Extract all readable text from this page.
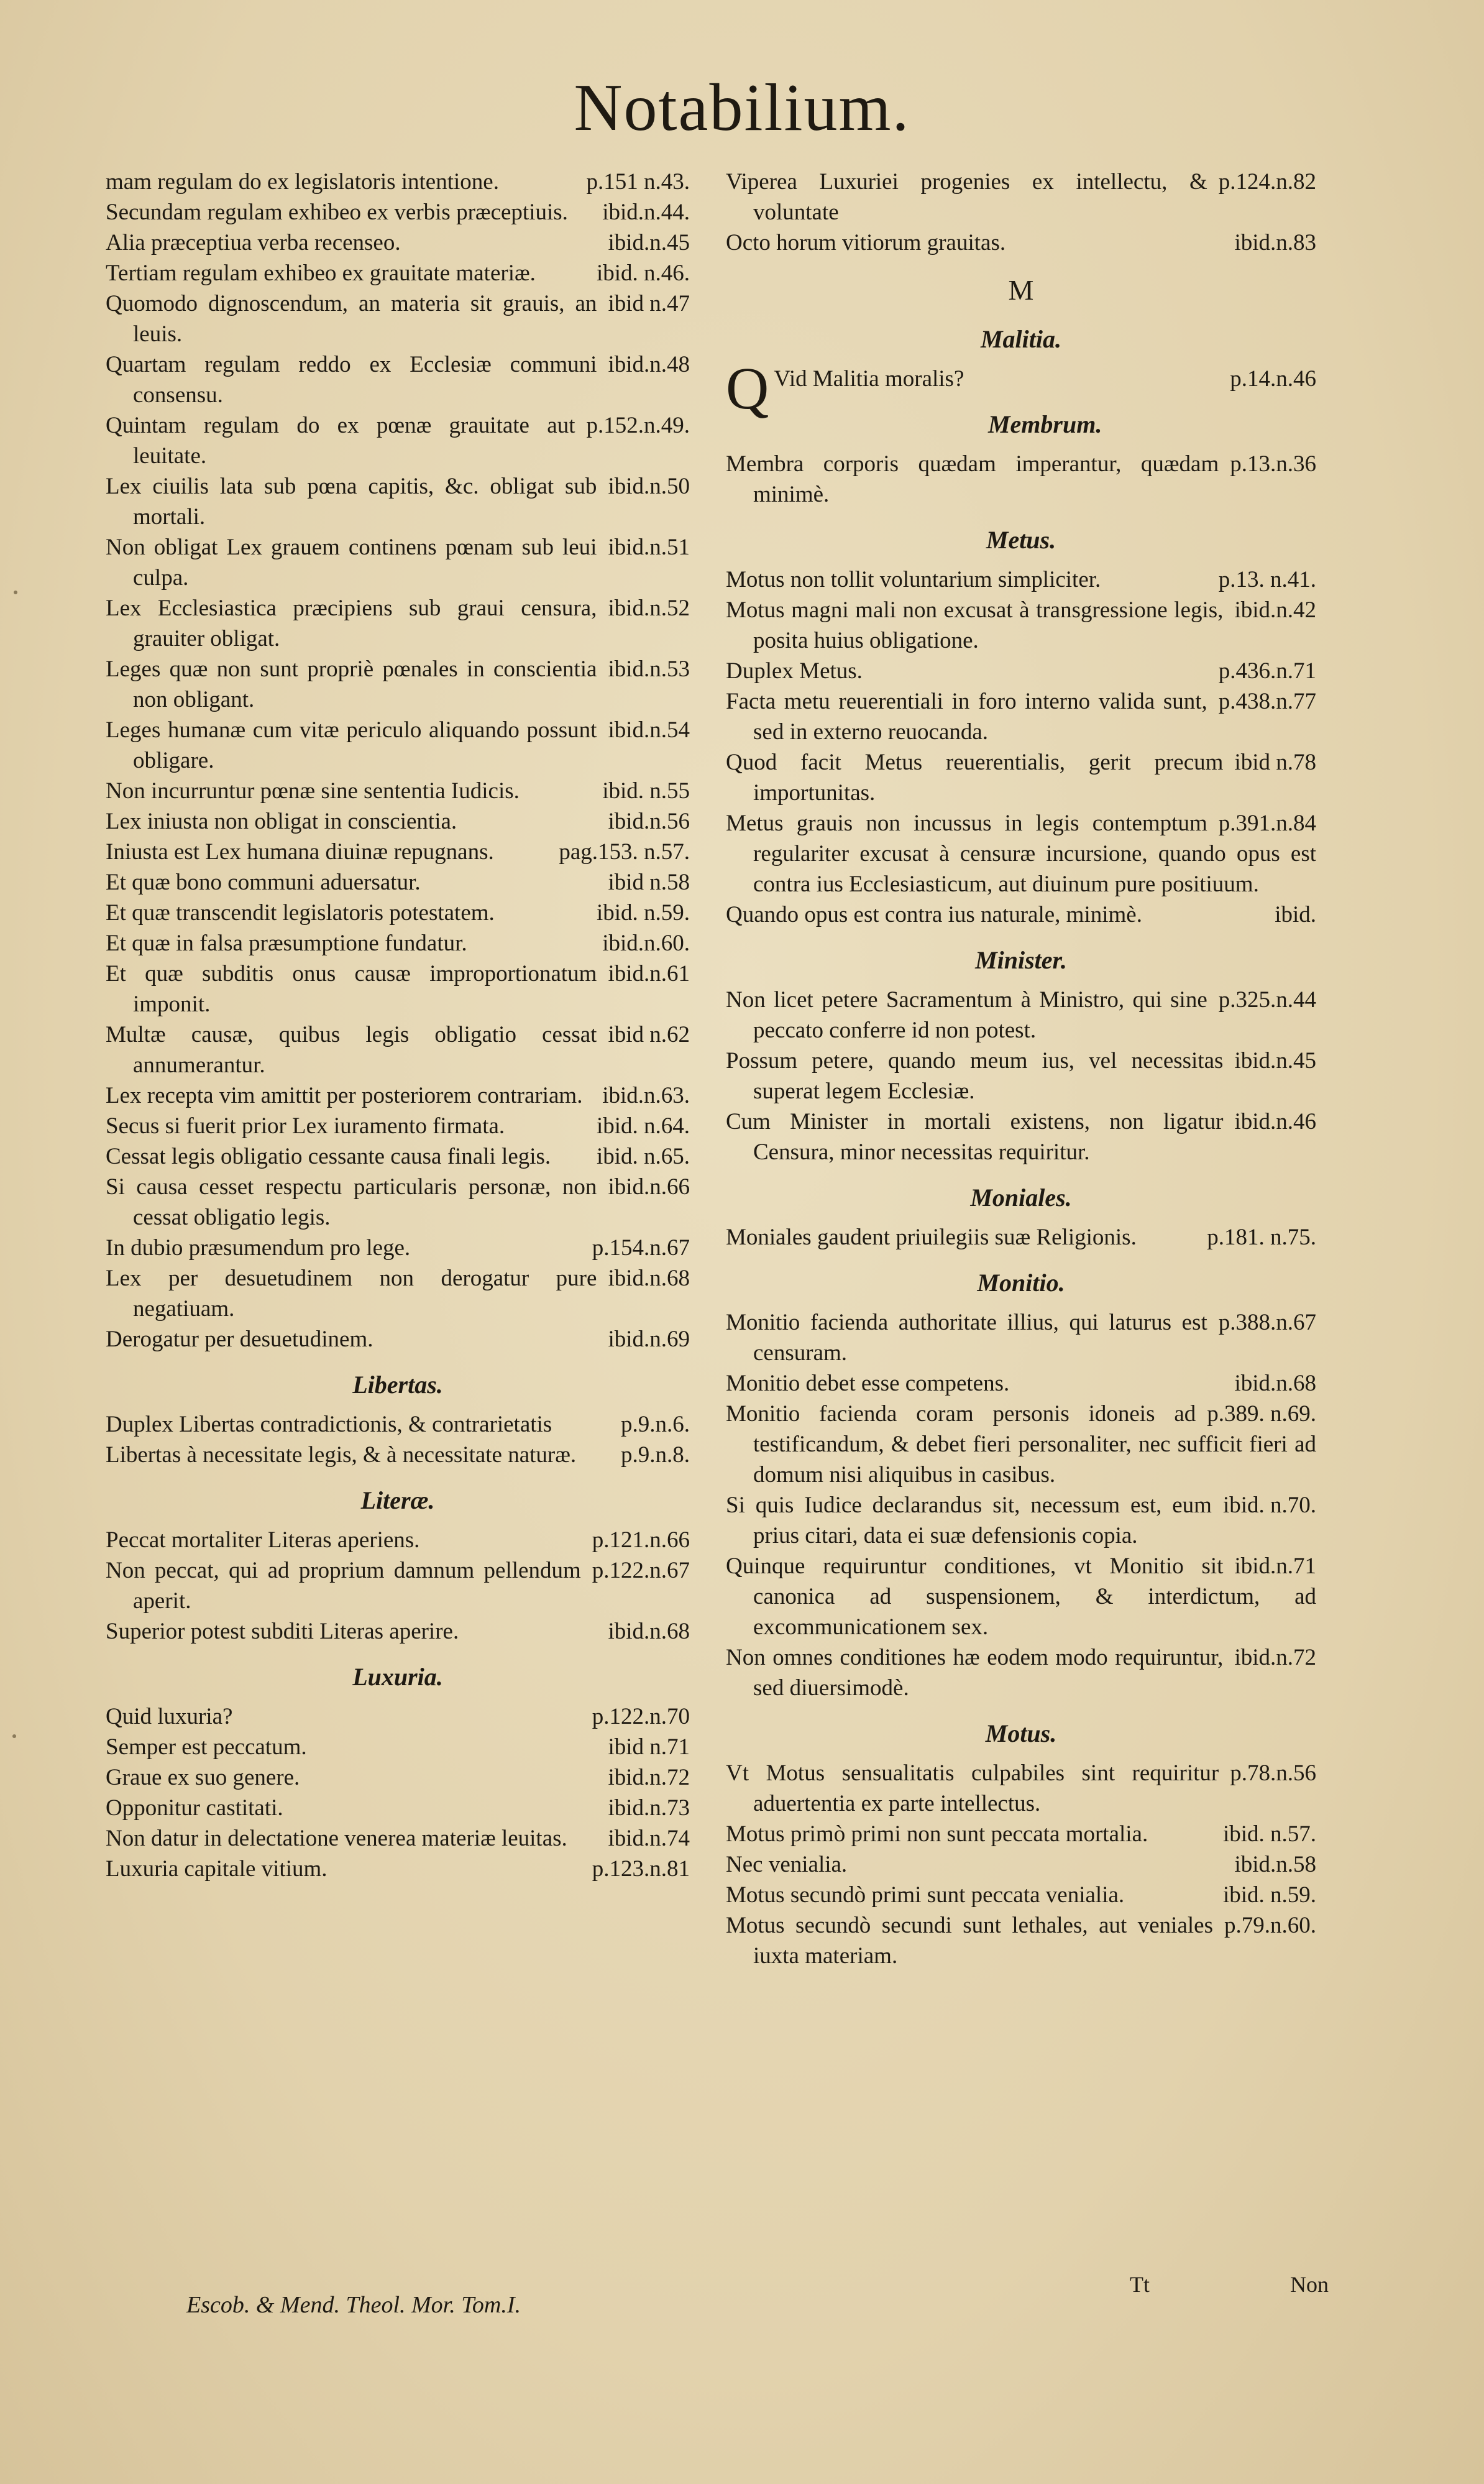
Notabilium.
p.151 n.43.
mam regulam do ex legislatoris intentione.
ibid.n.44.
Secundam regulam exhibeo ex verbis præceptiuis.
ibid.n.45
Alia præceptiua verba recenseo.
ibid. n.46.
Tertiam regulam exhibeo ex grauitate materiæ.
ibid n.47
Quomodo dignoscendum, an materia sit grauis, an leuis.
ibid.n.48
Quartam regulam reddo ex Ecclesiæ communi consensu.
p.152.n.49.
Quintam regulam do ex pœnæ grauitate aut leuitate.
ibid.n.50
Lex ciuilis lata sub pœna capitis, &c. obligat sub mortali.
ibid.n.51
Non obligat Lex grauem continens pœnam sub leui culpa.
ibid.n.52
Lex Ecclesiastica præcipiens sub graui censura, grauiter obligat.
ibid.n.53
Leges quæ non sunt propriè pœnales in conscientia non obligant.
ibid.n.54
Leges humanæ cum vitæ periculo aliquando possunt obligare.
ibid. n.55
Non incurruntur pœnæ sine sententia Iudicis.
ibid.n.56
Lex iniusta non obligat in conscientia.
pag.153. n.57.
Iniusta est Lex humana diuinæ repugnans.
ibid n.58
Et quæ bono communi aduersatur.
ibid. n.59.
Et quæ transcendit legislatoris potestatem.
ibid.n.60.
Et quæ in falsa præsumptione fundatur.
ibid.n.61
Et quæ subditis onus causæ improportionatum imponit.
ibid n.62
Multæ causæ, quibus legis obligatio cessat annumerantur.
ibid.n.63.
Lex recepta vim amittit per posteriorem contrariam.
ibid. n.64.
Secus si fuerit prior Lex iuramento firmata.
ibid. n.65.
Cessat legis obligatio cessante causa finali legis.
ibid.n.66
Si causa cesset respectu particularis personæ, non cessat obligatio legis.
p.154.n.67
In dubio præsumendum pro lege.
ibid.n.68
Lex per desuetudinem non derogatur pure negatiuam.
ibid.n.69
Derogatur per desuetudinem.
Libertas.
p.9.n.6.
Duplex Libertas contradictionis, & contrarietatis
p.9.n.8.
Libertas à necessitate legis, & à necessitate naturæ.
Literæ.
p.121.n.66
Peccat mortaliter Literas aperiens.
p.122.n.67
Non peccat, qui ad proprium damnum pellendum aperit.
ibid.n.68
Superior potest subditi Literas aperire.
Luxuria.
p.122.n.70
Quid luxuria?
ibid n.71
Semper est peccatum.
ibid.n.72
Graue ex suo genere.
ibid.n.73
Opponitur castitati.
ibid.n.74
Non datur in delectatione venerea materiæ leuitas.
p.123.n.81
Luxuria capitale vitium.
p.124.n.82
Viperea Luxuriei progenies ex intellectu, & voluntate
ibid.n.83
Octo horum vitiorum grauitas.
M
Malitia.
Q	p.14.n.46
Vid Malitia moralis?
Membrum.
p.13.n.36
Membra corporis quædam imperantur, quædam minimè.
Metus.
p.13. n.41.
Motus non tollit voluntarium simpliciter.
ibid.n.42
Motus magni mali non excusat à transgressione legis, posita huius obligatione.
p.436.n.71
Duplex Metus.
p.438.n.77
Facta metu reuerentiali in foro interno valida sunt, sed in externo reuocanda.
ibid n.78
Quod facit Metus reuerentialis, gerit precum importunitas.
p.391.n.84
Metus grauis non incussus in legis contemptum regulariter excusat à censuræ incursione, quando opus est contra ius Ecclesiasticum, aut diuinum pure positiuum.
ibid.
Quando opus est contra ius naturale, minimè.
Minister.
p.325.n.44
Non licet petere Sacramentum à Ministro, qui sine peccato conferre id non potest.
ibid.n.45
Possum petere, quando meum ius, vel necessitas superat legem Ecclesiæ.
ibid.n.46
Cum Minister in mortali existens, non ligatur Censura, minor necessitas requiritur.
Moniales.
p.181. n.75.
Moniales gaudent priuilegiis suæ Religionis.
Monitio.
p.388.n.67
Monitio facienda authoritate illius, qui laturus est censuram.
ibid.n.68
Monitio debet esse competens.
p.389. n.69.
Monitio facienda coram personis idoneis ad testificandum, & debet fieri personaliter, nec sufficit fieri ad domum nisi aliquibus in casibus.
ibid. n.70.
Si quis Iudice declarandus sit, necessum est, eum prius citari, data ei suæ defensionis copia.
ibid.n.71
Quinque requiruntur conditiones, vt Monitio sit canonica ad suspensionem, & interdictum, ad excommunicationem sex.
ibid.n.72
Non omnes conditiones hæ eodem modo requiruntur, sed diuersimodè.
Motus.
p.78.n.56
Vt Motus sensualitatis culpabiles sint requiritur aduertentia ex parte intellectus.
ibid. n.57.
Motus primò primi non sunt peccata mortalia.
ibid.n.58
Nec venialia.
ibid. n.59.
Motus secundò primi sunt peccata venialia.
p.79.n.60.
Motus secundò secundi sunt lethales, aut veniales iuxta materiam.
Escob. & Mend. Theol. Mor. Tom.I.
Tt	Non
